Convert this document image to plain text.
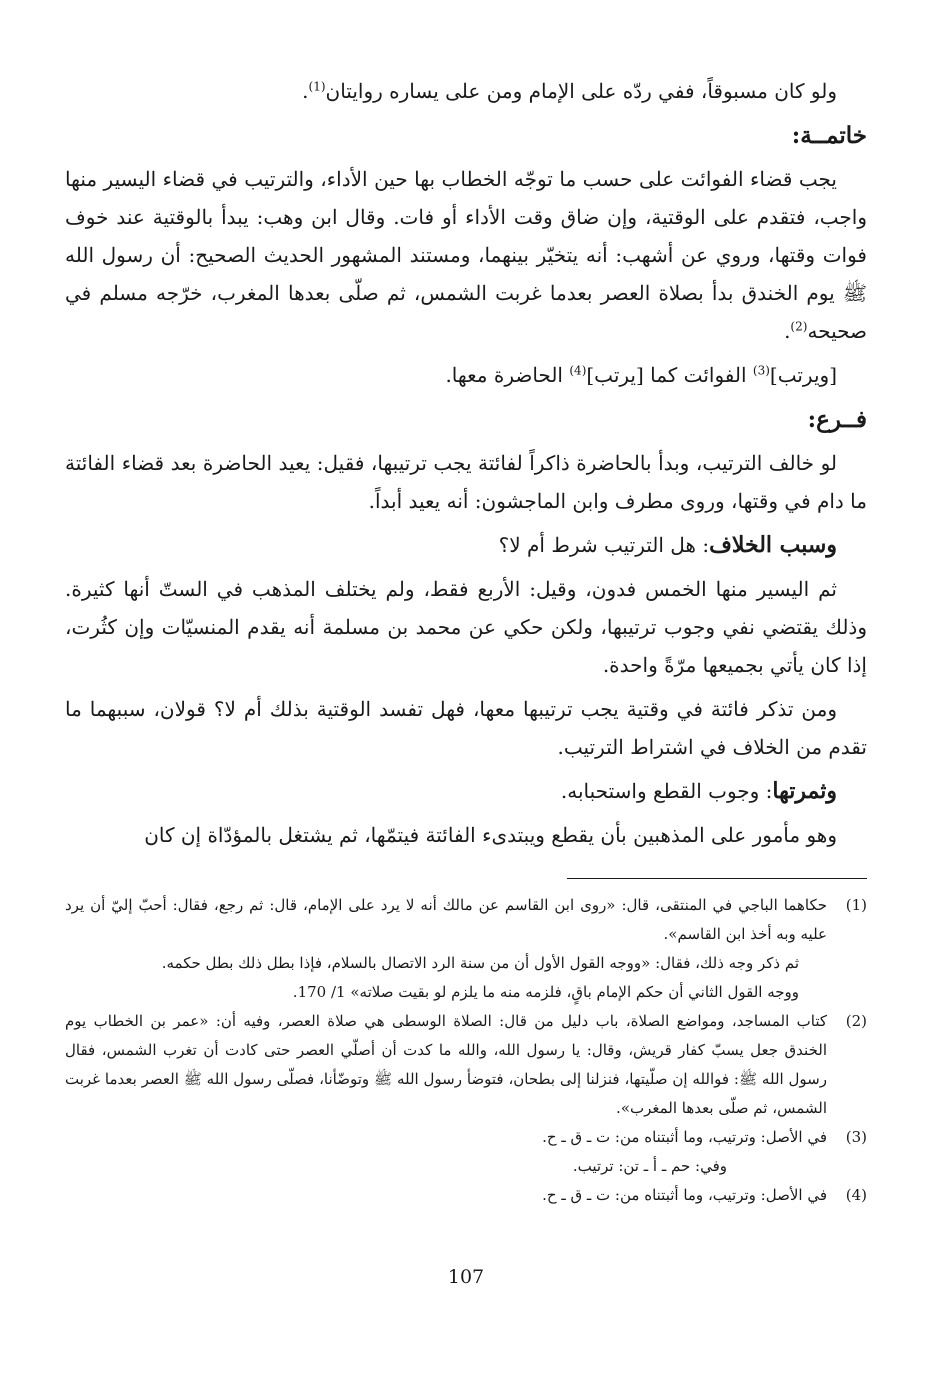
ولو كان مسبوقاً، ففي ردّه على الإمام ومن على يساره روايتان$^{(1)}$.

خاتمــة:

يجب قضاء الفوائت على حسب ما توجّه الخطاب بها حين الأداء، والترتيب في قضاء اليسير منها واجب، فتقدم على الوقتية، وإن ضاق وقت الأداء أو فات. وقال ابن وهب: يبدأ بالوقتية عند خوف فوات وقتها، وروي عن أشهب: أنه يتخيّر بينهما، ومستند المشهور الحديث الصحيح: أن رسول الله ﷺ يوم الخندق بدأ بصلاة العصر بعدما غربت الشمس، ثم صلّى بعدها المغرب، خرّجه مسلم في صحيحه$^{(2)}$.

[ويرتب]$^{(3)}$ الفوائت كما [يرتب]$^{(4)}$ الحاضرة معها.

فــرع:

لو خالف الترتيب، وبدأ بالحاضرة ذاكراً لفائتة يجب ترتيبها، فقيل: يعيد الحاضرة بعد قضاء الفائتة ما دام في وقتها، وروى مطرف وابن الماجشون: أنه يعيد أبداً.

وسبب الخلاف: هل الترتيب شرط أم لا؟

ثم اليسير منها الخمس فدون، وقيل: الأربع فقط، ولم يختلف المذهب في الستّ أنها كثيرة. وذلك يقتضي نفي وجوب ترتيبها، ولكن حكي عن محمد بن مسلمة أنه يقدم المنسيّات وإن كثُرت، إذا كان يأتي بجميعها مرّةً واحدة.

ومن تذكر فائتة في وقتية يجب ترتيبها معها، فهل تفسد الوقتية بذلك أم لا؟ قولان، سببهما ما تقدم من الخلاف في اشتراط الترتيب.

وثمرتها: وجوب القطع واستحبابه.

وهو مأمور على المذهبين بأن يقطع ويبتدىء الفائتة فيتمّها، ثم يشتغل بالمؤدّاة إن كان

(1)
حكاهما الباجي في المنتقى، قال: «روى ابن القاسم عن مالك أنه لا يرد على الإمام، قال: ثم رجع، فقال: أحبّ إليّ أن يرد عليه وبه أخذ ابن القاسم».
ثم ذكر وجه ذلك، فقال: «ووجه القول الأول أن من سنة الرد الاتصال بالسلام، فإذا بطل ذلك بطل حكمه.
ووجه القول الثاني أن حكم الإمام باقٍ، فلزمه منه ما يلزم لو بقيت صلاته» 1/ 170.
(2)
كتاب المساجد، ومواضع الصلاة، باب دليل من قال: الصلاة الوسطى هي صلاة العصر، وفيه أن: «عمر بن الخطاب يوم الخندق جعل يسبّ كفار قريش، وقال: يا رسول الله، والله ما كدت أن أصلّي العصر حتى كادت أن تغرب الشمس، فقال رسول الله ﷺ: فوالله إن صلّيتها، فنزلنا إلى بطحان، فتوضأ رسول الله ﷺ وتوضّأنا، فصلّى رسول الله ﷺ العصر بعدما غربت الشمس، ثم صلّى بعدها المغرب».
(3)
في الأصل: وترتيب، وما أثبتناه من: ت ـ ق ـ ح.
وفي: حم ـ أ ـ تن: ترتيب.
(4)
في الأصل: وترتيب، وما أثبتناه من: ت ـ ق ـ ح.
107
